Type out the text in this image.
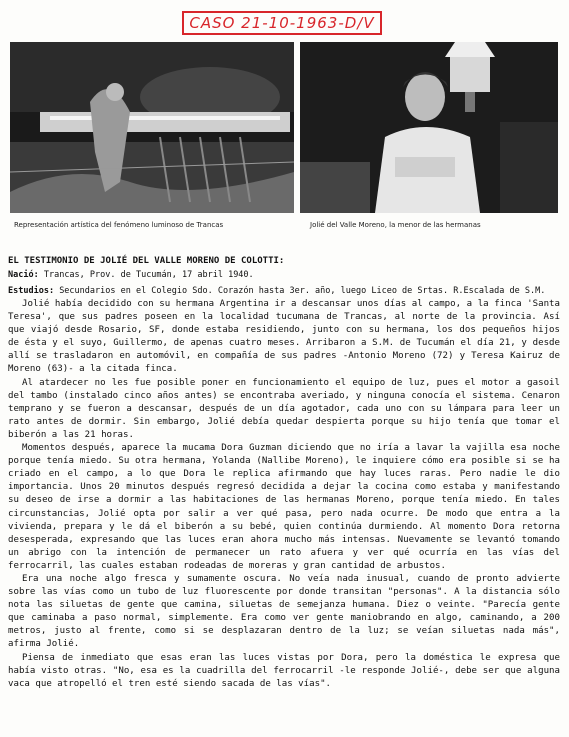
CASO 21-10-1963-D/V
Representación artística del fenómeno luminoso de Trancas	Jolié del Valle Moreno, la menor de las hermanas
EL TESTIMONIO DE JOLIÉ DEL VALLE MORENO DE COLOTTI:
Nació: Trancas, Prov. de Tucumán, 17 abril 1940.
Estudios: Secundarios en el Colegio Sdo. Corazón hasta 3er. año, luego Liceo de Srtas. R.Escalada de S.M.

Jolié había decidido con su hermana Argentina ir a descansar unos días al campo, a la finca 'Santa Teresa', que sus padres poseen en la localidad tucumana de Trancas, al norte de la provincia. Así que viajó desde Rosario, SF, donde estaba residiendo, junto con su hermana, los dos pequeños hijos de ésta y el suyo, Guillermo, de apenas cuatro meses. Arribaron a S.M. de Tucumán el día 21, y desde allí se trasladaron en automóvil, en compañía de sus padres -Antonio Moreno (72) y Teresa Kairuz de Moreno (63)- a la citada finca.

Al atardecer no les fue posible poner en funcionamiento el equipo de luz, pues el motor a gasoil del tambo (instalado cinco años antes) se encontraba averiado, y ninguna conocía el sistema. Cenaron temprano y se fueron a descansar, después de un día agotador, cada uno con su lámpara para leer un rato antes de dormir. Sin embargo, Jolié debía quedar despierta porque su hijo tenía que tomar el biberón a las 21 horas.

Momentos después, aparece la mucama Dora Guzman diciendo que no iría a lavar la vajilla esa noche porque tenía miedo. Su otra hermana, Yolanda (Nallibe Moreno), le inquiere cómo era posible si se ha criado en el campo, a lo que Dora le replica afirmando que hay luces raras. Pero nadie le dio importancia. Unos 20 minutos después regresó decidida a dejar la cocina como estaba y manifestando su deseo de irse a dormir a las habitaciones de las hermanas Moreno, porque tenía miedo. En tales circunstancias, Jolié opta por salir a ver qué pasa, pero nada ocurre. De modo que entra a la vivienda, prepara y le dá el biberón a su bebé, quien continúa durmiendo. Al momento Dora retorna desesperada, expresando que las luces eran ahora mucho más intensas. Nuevamente se levantó tomando un abrigo con la intención de permanecer un rato afuera y ver qué ocurría en las vías del ferrocarril, las cuales estaban rodeadas de moreras y gran cantidad de arbustos.

Era una noche algo fresca y sumamente oscura. No veía nada inusual, cuando de pronto advierte sobre las vías como un tubo de luz fluorescente por donde transitan "personas". A la distancia sólo nota las siluetas de gente que camina, siluetas de semejanza humana. Diez o veinte. "Parecía gente que caminaba a paso normal, simplemente. Era como ver gente maniobrando en algo, caminando, a 200 metros, justo al frente, como si se desplazaran dentro de la luz; se veían siluetas nada más", afirma Jolié.

Piensa de inmediato que esas eran las luces vistas por Dora, pero la doméstica le expresa que había visto otras. "No, esa es la cuadrilla del ferrocarril -le responde Jolié-, debe ser que alguna vaca que atropelló el tren esté siendo sacada de las vías".
